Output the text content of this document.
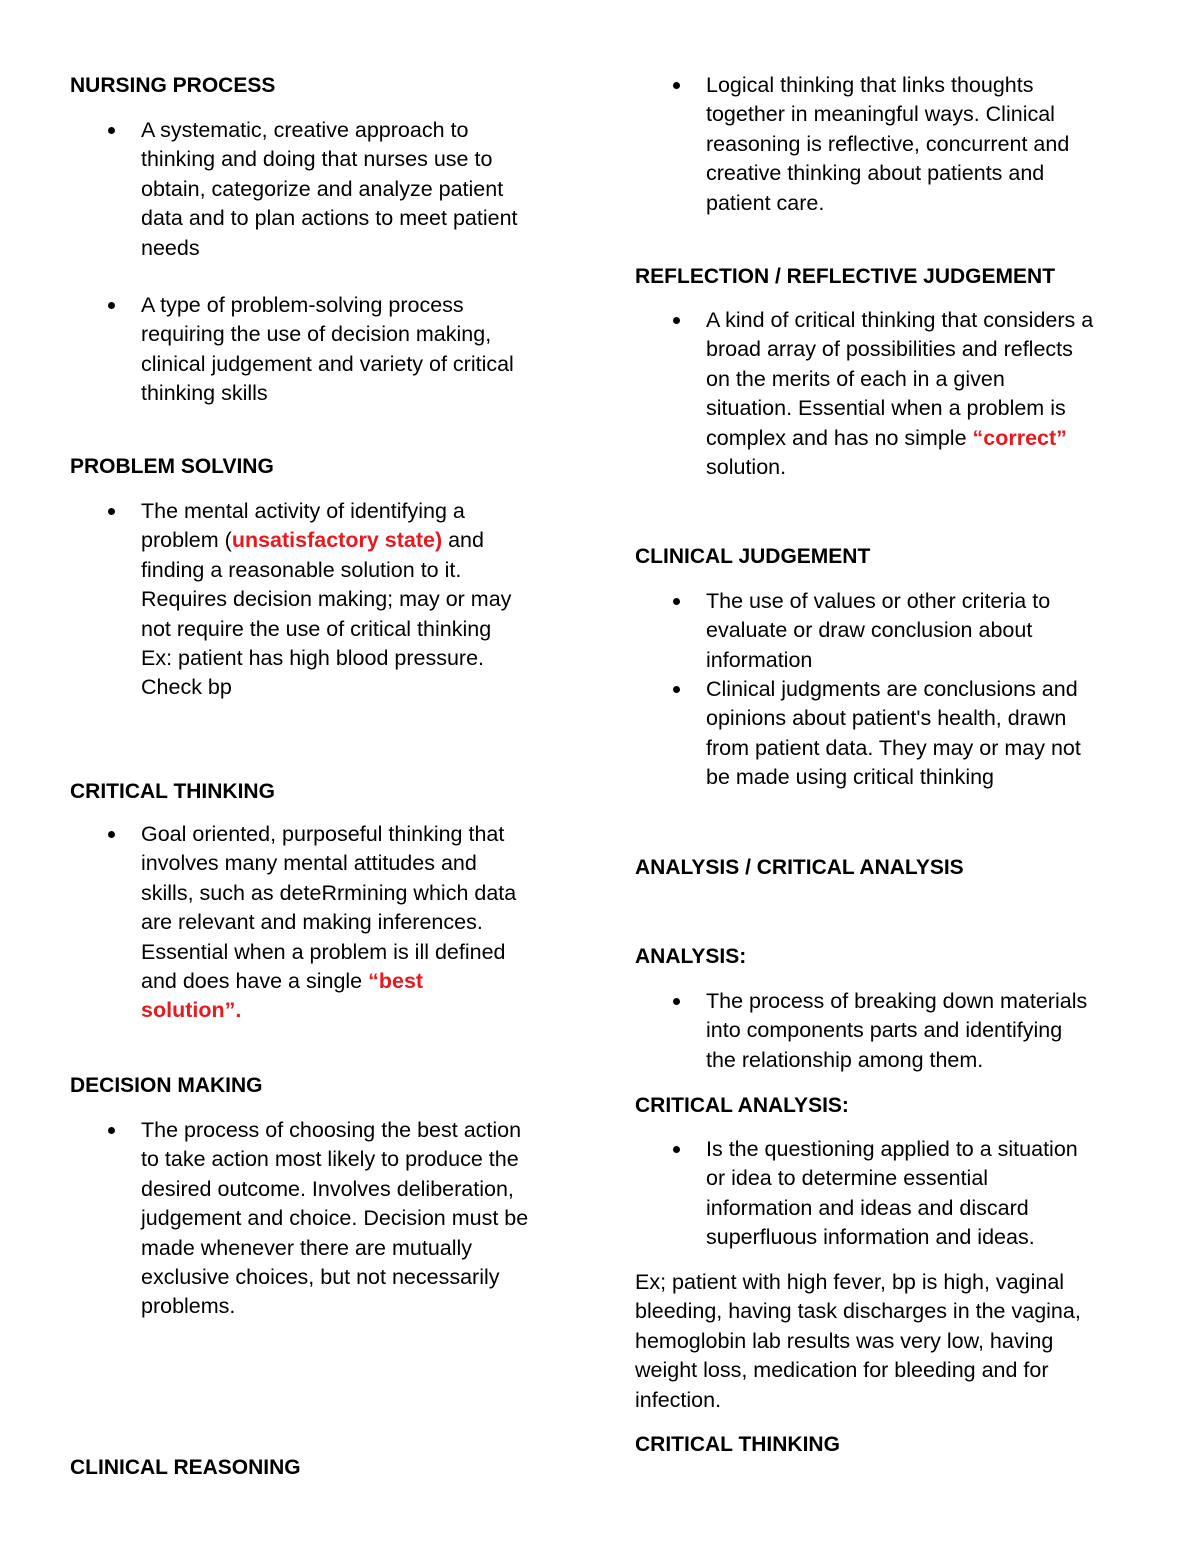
NURSING PROCESS
A systematic, creative approach to
thinking and doing that nurses use to
obtain, categorize and analyze patient
data and to plan actions to meet patient
needs
A type of problem-solving process
requiring the use of decision making,
clinical judgement and variety of critical
thinking skills
PROBLEM SOLVING
The mental activity of identifying a
problem (unsatisfactory state) and
finding a reasonable solution to it.
Requires decision making; may or may
not require the use of critical thinking
Ex: patient has high blood pressure.
Check bp
CRITICAL THINKING
Goal oriented, purposeful thinking that
involves many mental attitudes and
skills, such as deteRrmining which data
are relevant and making inferences.
Essential when a problem is ill defined
and does have a single “best
solution”.
DECISION MAKING
The process of choosing the best action
to take action most likely to produce the
desired outcome. Involves deliberation,
judgement and choice. Decision must be
made whenever there are mutually
exclusive choices, but not necessarily
problems.
CLINICAL REASONING
Logical thinking that links thoughts
together in meaningful ways. Clinical
reasoning is reflective, concurrent and
creative thinking about patients and
patient care.
REFLECTION / REFLECTIVE JUDGEMENT
A kind of critical thinking that considers a
broad array of possibilities and reflects
on the merits of each in a given
situation. Essential when a problem is
complex and has no simple “correct”
solution.
CLINICAL JUDGEMENT
The use of values or other criteria to
evaluate or draw conclusion about
information
Clinical judgments are conclusions and
opinions about patient's health, drawn
from patient data. They may or may not
be made using critical thinking
ANALYSIS / CRITICAL ANALYSIS
ANALYSIS:
The process of breaking down materials
into components parts and identifying
the relationship among them.
CRITICAL ANALYSIS:
Is the questioning applied to a situation
or idea to determine essential
information and ideas and discard
superfluous information and ideas.
Ex; patient with high fever, bp is high, vaginal
bleeding, having task discharges in the vagina,
hemoglobin lab results was very low, having
weight loss, medication for bleeding and for
infection.
CRITICAL THINKING
